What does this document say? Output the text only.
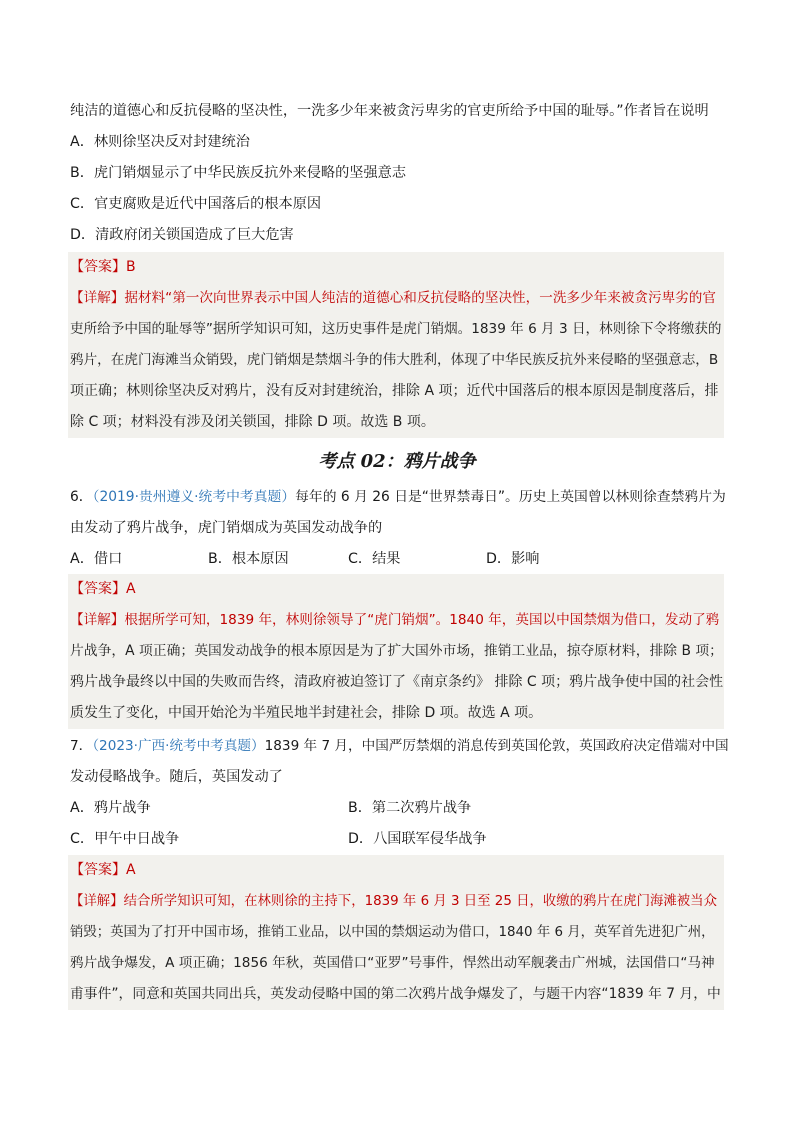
纯洁的道德心和反抗侵略的坚决性，一洗多少年来被贪污卑劣的官吏所给予中国的耻辱。”作者旨在说明
A．林则徐坚决反对封建统治
B．虎门销烟显示了中华民族反抗外来侵略的坚强意志
C．官吏腐败是近代中国落后的根本原因
D．清政府闭关锁国造成了巨大危害
【答案】B
【详解】据材料“第一次向世界表示中国人纯洁的道德心和反抗侵略的坚决性，一洗多少年来被贪污卑劣的官
吏所给予中国的耻辱等”据所学知识可知，这历史事件是虎门销烟。1839 年 6 月 3 日，林则徐下令将缴获的
鸦片，在虎门海滩当众销毁，虎门销烟是禁烟斗争的伟大胜利，体现了中华民族反抗外来侵略的坚强意志，B
项正确；林则徐坚决反对鸦片，没有反对封建统治，排除 A 项；近代中国落后的根本原因是制度落后，排
除 C 项；材料没有涉及闭关锁国，排除 D 项。故选 B 项。
考点 02：鸦片战争
6．（2019·贵州遵义·统考中考真题）每年的 6 月 26 日是“世界禁毒日”。历史上英国曾以林则徐查禁鸦片为
由发动了鸦片战争，虎门销烟成为英国发动战争的
A．借口	B．根本原因	C．结果	D．影响
【答案】A
【详解】根据所学可知，1839 年，林则徐领导了“虎门销烟”。1840 年，英国以中国禁烟为借口，发动了鸦
片战争，A 项正确；英国发动战争的根本原因是为了扩大国外市场，推销工业品，掠夺原材料，排除 B 项；
鸦片战争最终以中国的失败而告终，清政府被迫签订了《南京条约》 排除 C 项；鸦片战争使中国的社会性
质发生了变化，中国开始沦为半殖民地半封建社会，排除 D 项。故选 A 项。
7．（2023·广西·统考中考真题）1839 年 7 月，中国严厉禁烟的消息传到英国伦敦，英国政府决定借端对中国
发动侵略战争。随后，英国发动了
A．鸦片战争	B．第二次鸦片战争
C．甲午中日战争	D．八国联军侵华战争
【答案】A
【详解】结合所学知识可知，在林则徐的主持下，1839 年 6 月 3 日至 25 日，收缴的鸦片在虎门海滩被当众
销毁；英国为了打开中国市场，推销工业品，以中国的禁烟运动为借口，1840 年 6 月，英军首先进犯广州，
鸦片战争爆发，A 项正确；1856 年秋，英国借口“亚罗”号事件，悍然出动军舰袭击广州城，法国借口“马神
甫事件”，同意和英国共同出兵，英发动侵略中国的第二次鸦片战争爆发了，与题干内容“1839 年 7 月，中
